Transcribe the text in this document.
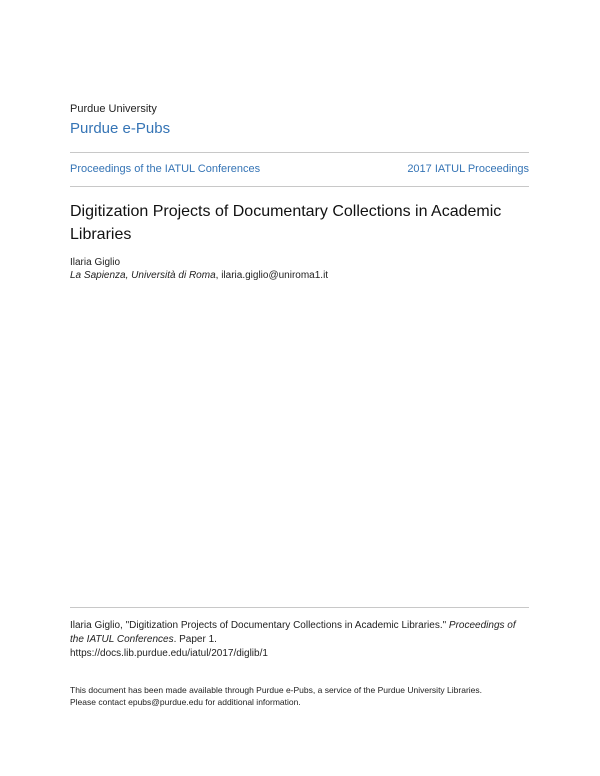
Purdue University
Purdue e-Pubs
Proceedings of the IATUL Conferences	2017 IATUL Proceedings
Digitization Projects of Documentary Collections in Academic Libraries
Ilaria Giglio
La Sapienza, Università di Roma, ilaria.giglio@uniroma1.it
Ilaria Giglio, "Digitization Projects of Documentary Collections in Academic Libraries." Proceedings of the IATUL Conferences. Paper 1.
https://docs.lib.purdue.edu/iatul/2017/diglib/1
This document has been made available through Purdue e-Pubs, a service of the Purdue University Libraries.
Please contact epubs@purdue.edu for additional information.
